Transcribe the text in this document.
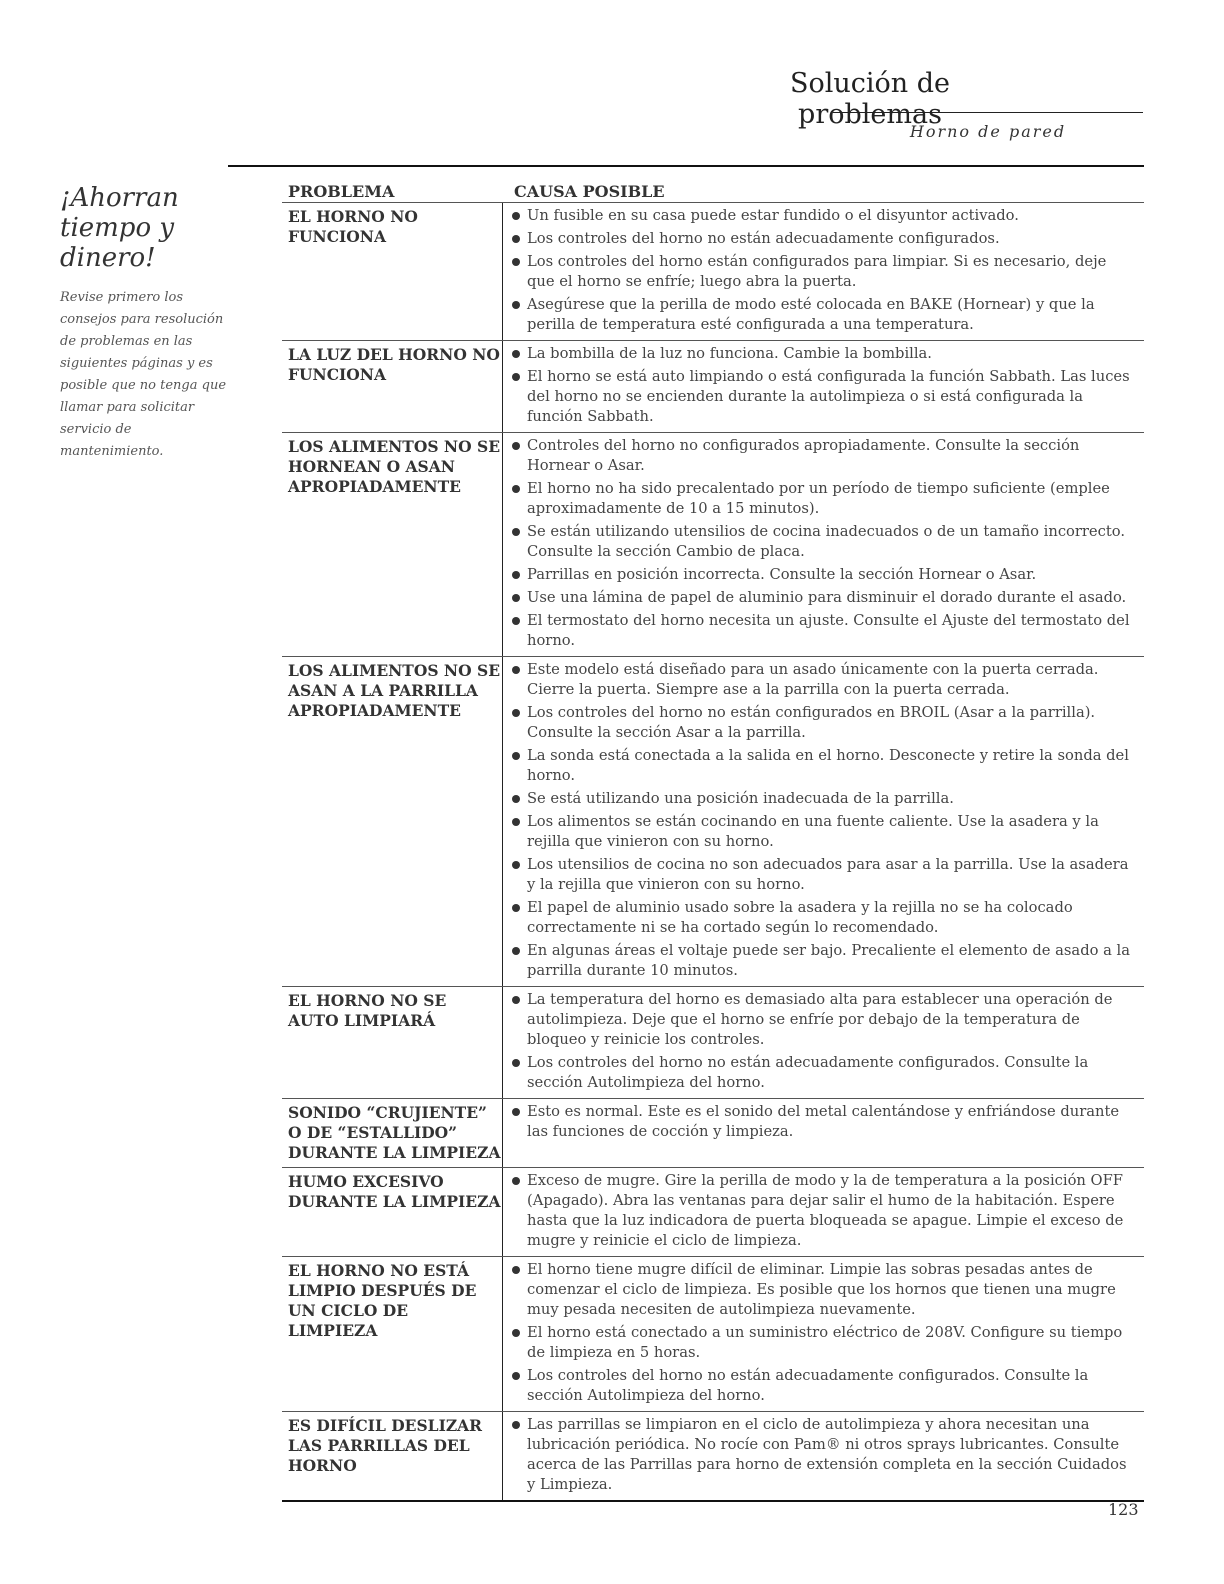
Solución de problemas
Horno de pared
¡Ahorran tiempo y dinero!
Revise primero los consejos para resolución de problemas en las siguientes páginas y es posible que no tenga que llamar para solicitar servicio de mantenimiento.
PROBLEMA	CAUSA POSIBLE
EL HORNO NO FUNCIONA
Un fusible en su casa puede estar fundido o el disyuntor activado.
Los controles del horno no están adecuadamente configurados.
Los controles del horno están configurados para limpiar. Si es necesario, deje que el horno se enfríe; luego abra la puerta.
Asegúrese que la perilla de modo esté colocada en BAKE (Hornear) y que la perilla de temperatura esté configurada a una temperatura.
LA LUZ DEL HORNO NO FUNCIONA
La bombilla de la luz no funciona. Cambie la bombilla.
El horno se está auto limpiando o está configurada la función Sabbath. Las luces del horno no se encienden durante la autolimpieza o si está configurada la función Sabbath.
LOS ALIMENTOS NO SE HORNEAN O ASAN APROPIADAMENTE
Controles del horno no configurados apropiadamente. Consulte la sección Hornear o Asar.
El horno no ha sido precalentado por un período de tiempo suficiente (emplee aproximadamente de 10 a 15 minutos).
Se están utilizando utensilios de cocina inadecuados o de un tamaño incorrecto. Consulte la sección Cambio de placa.
Parrillas en posición incorrecta. Consulte la sección Hornear o Asar.
Use una lámina de papel de aluminio para disminuir el dorado durante el asado.
El termostato del horno necesita un ajuste. Consulte el Ajuste del termostato del horno.
LOS ALIMENTOS NO SE ASAN A LA PARRILLA APROPIADAMENTE
Este modelo está diseñado para un asado únicamente con la puerta cerrada. Cierre la puerta. Siempre ase a la parrilla con la puerta cerrada.
Los controles del horno no están configurados en BROIL (Asar a la parrilla). Consulte la sección Asar a la parrilla.
La sonda está conectada a la salida en el horno. Desconecte y retire la sonda del horno.
Se está utilizando una posición inadecuada de la parrilla.
Los alimentos se están cocinando en una fuente caliente. Use la asadera y la rejilla que vinieron con su horno.
Los utensilios de cocina no son adecuados para asar a la parrilla. Use la asadera y la rejilla que vinieron con su horno.
El papel de aluminio usado sobre la asadera y la rejilla no se ha colocado correctamente ni se ha cortado según lo recomendado.
En algunas áreas el voltaje puede ser bajo. Precaliente el elemento de asado a la parrilla durante 10 minutos.
EL HORNO NO SE AUTO LIMPIARÁ
La temperatura del horno es demasiado alta para establecer una operación de autolimpieza. Deje que el horno se enfríe por debajo de la temperatura de bloqueo y reinicie los controles.
Los controles del horno no están adecuadamente configurados. Consulte la sección Autolimpieza del horno.
SONIDO “CRUJIENTE” O DE “ESTALLIDO” DURANTE LA LIMPIEZA
Esto es normal. Este es el sonido del metal calentándose y enfriándose durante las funciones de cocción y limpieza.
HUMO EXCESIVO DURANTE LA LIMPIEZA
Exceso de mugre. Gire la perilla de modo y la de temperatura a la posición OFF (Apagado). Abra las ventanas para dejar salir el humo de la habitación. Espere hasta que la luz indicadora de puerta bloqueada se apague. Limpie el exceso de mugre y reinicie el ciclo de limpieza.
EL HORNO NO ESTÁ LIMPIO DESPUÉS DE UN CICLO DE LIMPIEZA
El horno tiene mugre difícil de eliminar. Limpie las sobras pesadas antes de comenzar el ciclo de limpieza. Es posible que los hornos que tienen una mugre muy pesada necesiten de autolimpieza nuevamente.
El horno está conectado a un suministro eléctrico de 208V. Configure su tiempo de limpieza en 5 horas.
Los controles del horno no están adecuadamente configurados. Consulte la sección Autolimpieza del horno.
ES DIFÍCIL DESLIZAR LAS PARRILLAS DEL HORNO
Las parrillas se limpiaron en el ciclo de autolimpieza y ahora necesitan una lubricación periódica. No rocíe con Pam® ni otros sprays lubricantes. Consulte acerca de las Parrillas para horno de extensión completa en la sección Cuidados y Limpieza.
123
